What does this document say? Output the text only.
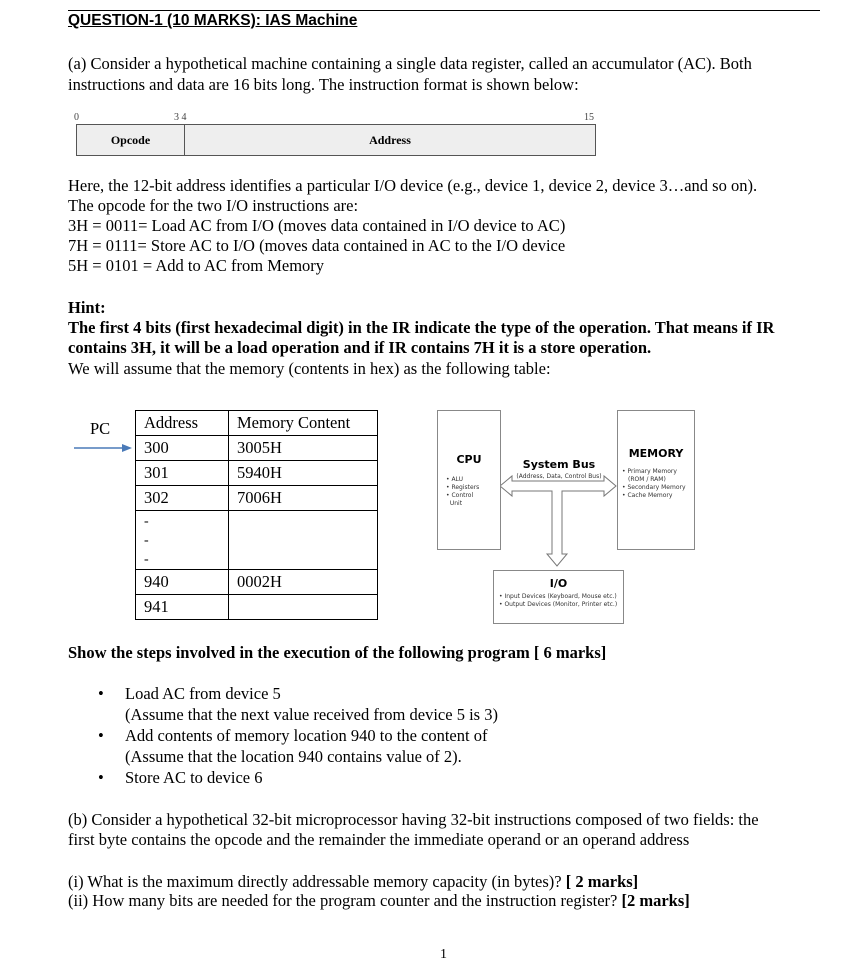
QUESTION-1 (10 MARKS): IAS Machine
(a) Consider a hypothetical machine containing a single data register, called an accumulator (AC). Both
instructions and data are 16 bits long. The instruction format is shown below:
0	3 4	15
Opcode	Address
Here, the 12-bit address identifies a particular I/O device (e.g., device 1, device 2, device 3…and so on).
The opcode for the two I/O instructions are:
3H = 0011= Load AC from I/O (moves data contained in I/O device to AC)
7H = 0111= Store AC to I/O (moves data contained in AC to the I/O device
5H = 0101 = Add to AC from Memory
Hint:
The first 4 bits (first hexadecimal digit) in the IR indicate the type of the operation. That means if IR
contains 3H, it will be a load operation and if IR contains 7H it is a store operation.
We will assume that the memory (contents in hex) as the following table:
PC Address	Memory Content
300	3005H
301	5940H
302	7006H
-
-
-	
940	0002H
941	
CPU
• ALU
• Registers
• Control
Unit
System Bus
(Address, Data, Control Bus)
MEMORY
• Primary Memory
(ROM / RAM)
• Secondary Memory
• Cache Memory
I/O
• Input Devices (Keyboard, Mouse etc.)
• Output Devices (Monitor, Printer etc.)
Show the steps involved in the execution of the following program [ 6 marks]
• Load AC from device 5
(Assume that the next value received from device 5 is 3)
• Add contents of memory location 940 to the content of
(Assume that the location 940 contains value of 2).
• Store AC to device 6
(b) Consider a hypothetical 32-bit microprocessor having 32-bit instructions composed of two fields: the
first byte contains the opcode and the remainder the immediate operand or an operand address
(i) What is the maximum directly addressable memory capacity (in bytes)? [ 2 marks]
(ii) How many bits are needed for the program counter and the instruction register? [2 marks]
1
